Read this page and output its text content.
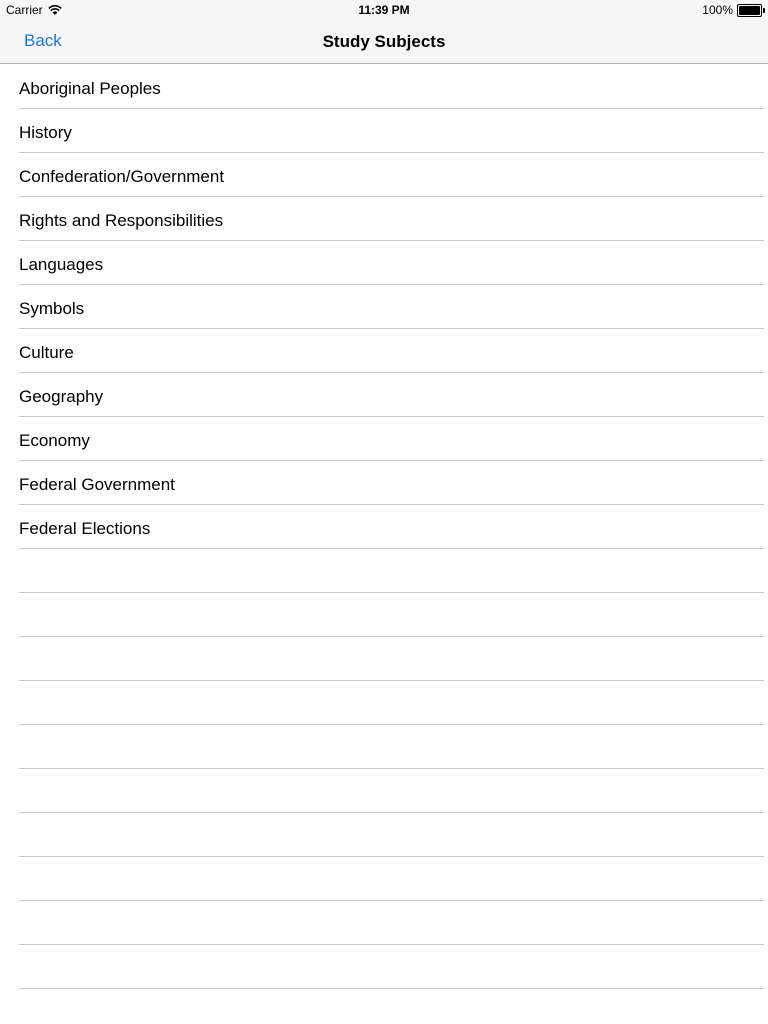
Carrier	11:39 PM	100%
Back	Study Subjects
Aboriginal Peoples
History
Confederation/Government
Rights and Responsibilities
Languages
Symbols
Culture
Geography
Economy
Federal Government
Federal Elections
